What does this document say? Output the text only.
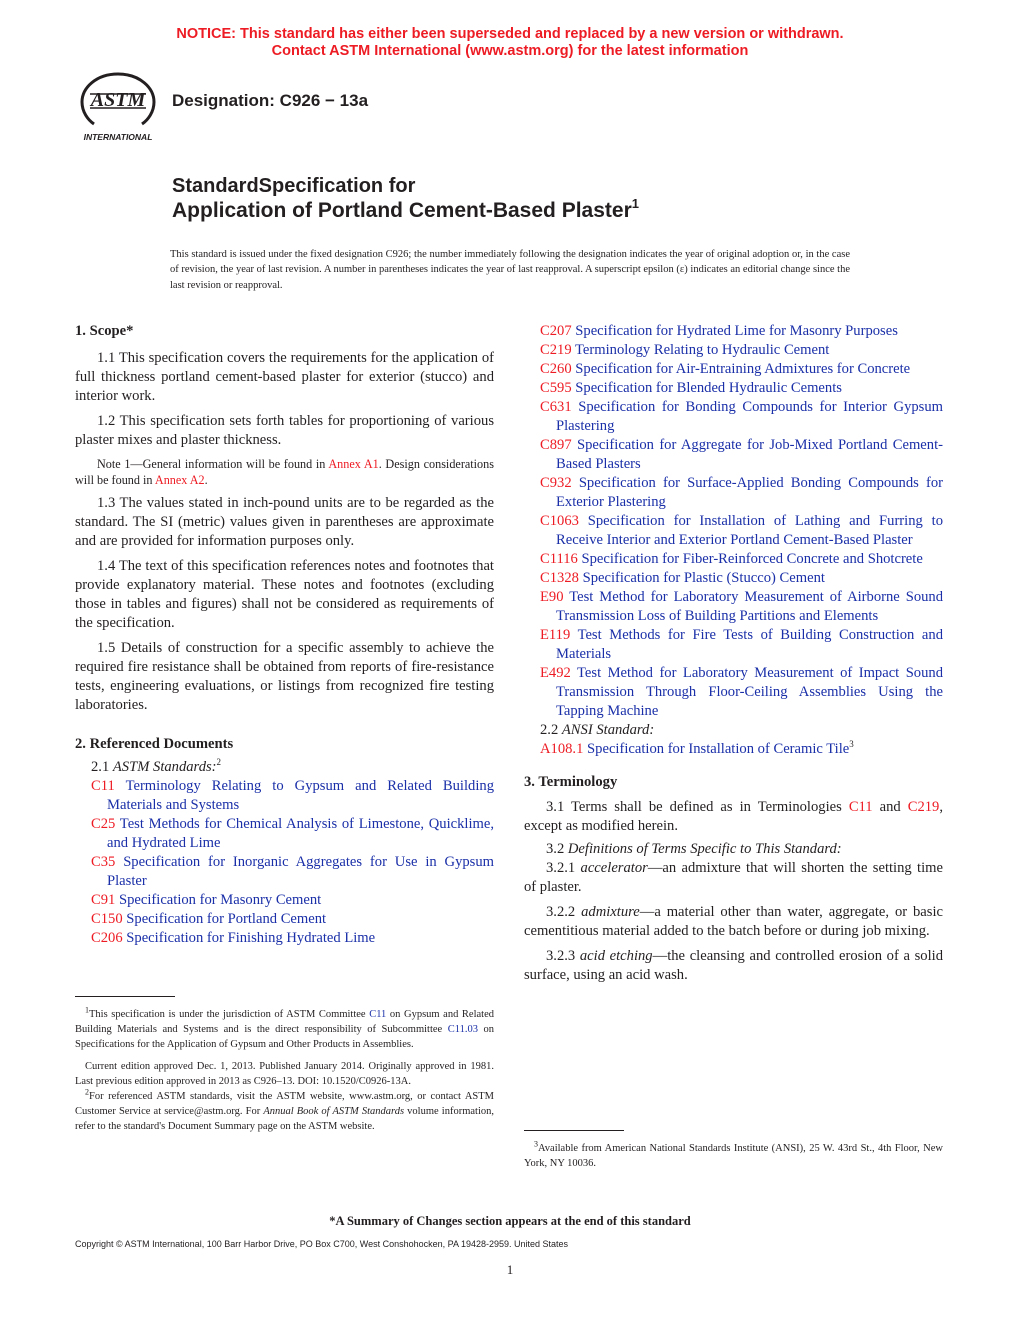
NOTICE: This standard has either been superseded and replaced by a new version or withdrawn.
Contact ASTM International (www.astm.org) for the latest information
ASTM
INTERNATIONAL
Designation: C926 − 13a
StandardSpecification for
Application of Portland Cement-Based Plaster$^1$
This standard is issued under the fixed designation C926; the number immediately following the designation indicates the year of original adoption or, in the case of revision, the year of last revision. A number in parentheses indicates the year of last reapproval. A superscript epsilon (ε) indicates an editorial change since the last revision or reapproval.

1. Scope*

1.1 This specification covers the requirements for the application of full thickness portland cement-based plaster for exterior (stucco) and interior work.

1.2 This specification sets forth tables for proportioning of various plaster mixes and plaster thickness.

Note 1—General information will be found in Annex A1. Design considerations will be found in Annex A2.

1.3 The values stated in inch-pound units are to be regarded as the standard. The SI (metric) values given in parentheses are approximate and are provided for information purposes only.

1.4 The text of this specification references notes and footnotes that provide explanatory material. These notes and footnotes (excluding those in tables and figures) shall not be considered as requirements of the specification.

1.5 Details of construction for a specific assembly to achieve the required fire resistance shall be obtained from reports of fire-resistance tests, engineering evaluations, or listings from recognized fire testing laboratories.

2. Referenced Documents

2.1 ASTM Standards:$^2$

C11 Terminology Relating to Gypsum and Related Building Materials and Systems

C25 Test Methods for Chemical Analysis of Limestone, Quicklime, and Hydrated Lime

C35 Specification for Inorganic Aggregates for Use in Gypsum Plaster

C91 Specification for Masonry Cement

C150 Specification for Portland Cement

C206 Specification for Finishing Hydrated Lime

$^1$This specification is under the jurisdiction of ASTM Committee C11 on Gypsum and Related Building Materials and Systems and is the direct responsibility of Subcommittee C11.03 on Specifications for the Application of Gypsum and Other Products in Assemblies.

Current edition approved Dec. 1, 2013. Published January 2014. Originally approved in 1981. Last previous edition approved in 2013 as C926–13. DOI: 10.1520/C0926-13A.

$^2$For referenced ASTM standards, visit the ASTM website, www.astm.org, or contact ASTM Customer Service at service@astm.org. For Annual Book of ASTM Standards volume information, refer to the standard's Document Summary page on the ASTM website.

C207 Specification for Hydrated Lime for Masonry Purposes

C219 Terminology Relating to Hydraulic Cement

C260 Specification for Air-Entraining Admixtures for Concrete

C595 Specification for Blended Hydraulic Cements

C631 Specification for Bonding Compounds for Interior Gypsum Plastering

C897 Specification for Aggregate for Job-Mixed Portland Cement-Based Plasters

C932 Specification for Surface-Applied Bonding Compounds for Exterior Plastering

C1063 Specification for Installation of Lathing and Furring to Receive Interior and Exterior Portland Cement-Based Plaster

C1116 Specification for Fiber-Reinforced Concrete and Shotcrete

C1328 Specification for Plastic (Stucco) Cement

E90 Test Method for Laboratory Measurement of Airborne Sound Transmission Loss of Building Partitions and Elements

E119 Test Methods for Fire Tests of Building Construction and Materials

E492 Test Method for Laboratory Measurement of Impact Sound Transmission Through Floor-Ceiling Assemblies Using the Tapping Machine

2.2 ANSI Standard:

A108.1 Specification for Installation of Ceramic Tile$^3$

3. Terminology

3.1 Terms shall be defined as in Terminologies C11 and C219, except as modified herein.

3.2 Definitions of Terms Specific to This Standard:

3.2.1 accelerator—an admixture that will shorten the setting time of plaster.

3.2.2 admixture—a material other than water, aggregate, or basic cementitious material added to the batch before or during job mixing.

3.2.3 acid etching—the cleansing and controlled erosion of a solid surface, using an acid wash.

$^3$Available from American National Standards Institute (ANSI), 25 W. 43rd St., 4th Floor, New York, NY 10036.

*A Summary of Changes section appears at the end of this standard
Copyright © ASTM International, 100 Barr Harbor Drive, PO Box C700, West Conshohocken, PA 19428-2959. United States
1
